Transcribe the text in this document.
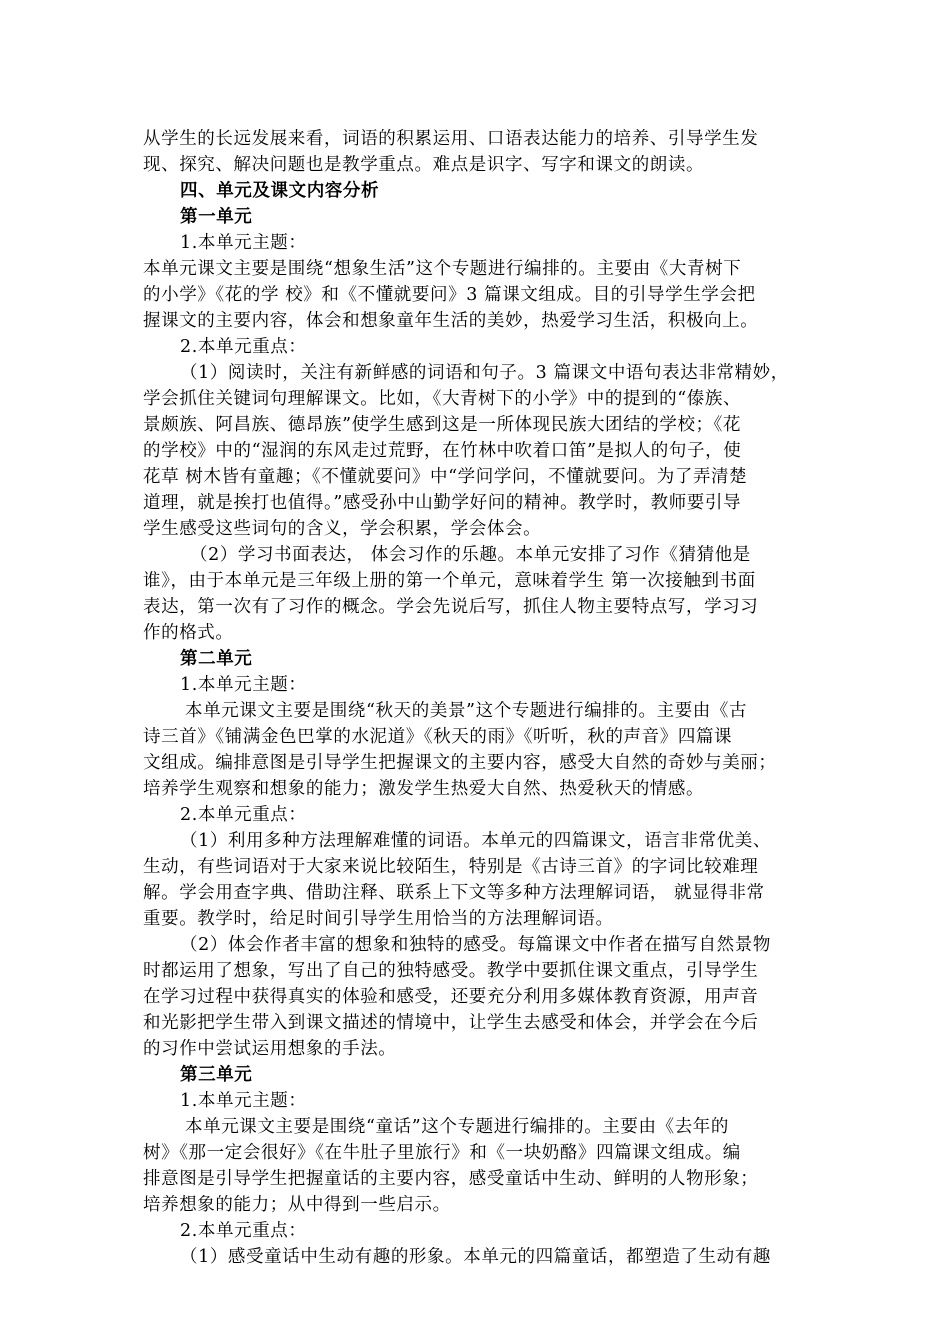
从学生的长远发展来看，词语的积累运用、口语表达能力的培养、引导学生发
现、探究、解决问题也是教学重点。难点是识字、写字和课文的朗读。
四、单元及课文内容分析
第一单元
1.本单元主题：
本单元课文主要是围绕“想象生活”这个专题进行编排的。主要由《大青树下
的小学》《花的学 校》和《不懂就要问》3 篇课文组成。目的引导学生学会把
握课文的主要内容，体会和想象童年生活的美妙，热爱学习生活，积极向上。
2.本单元重点：
（1）阅读时，关注有新鲜感的词语和句子。3 篇课文中语句表达非常精妙，
学会抓住关键词句理解课文。比如，《大青树下的小学》中的提到的“傣族、
景颇族、阿昌族、德昂族”使学生感到这是一所体现民族大团结的学校；《花
的学校》中的“湿润的东风走过荒野，在竹林中吹着口笛”是拟人的句子，使
花草 树木皆有童趣；《不懂就要问》中“学问学问，不懂就要问。为了弄清楚
道理，就是挨打也值得。”感受孙中山勤学好问的精神。教学时，教师要引导
学生感受这些词句的含义，学会积累，学会体会。
（2）学习书面表达， 体会习作的乐趣。本单元安排了习作《猜猜他是
谁》，由于本单元是三年级上册的第一个单元，意味着学生 第一次接触到书面
表达，第一次有了习作的概念。学会先说后写，抓住人物主要特点写，学习习
作的格式。
第二单元
1.本单元主题：
本单元课文主要是围绕“秋天的美景”这个专题进行编排的。主要由《古
诗三首》《铺满金色巴掌的水泥道》《秋天的雨》《听听，秋的声音》四篇课
文组成。编排意图是引导学生把握课文的主要内容，感受大自然的奇妙与美丽；
培养学生观察和想象的能力；激发学生热爱大自然、热爱秋天的情感。
2.本单元重点：
（1）利用多种方法理解难懂的词语。本单元的四篇课文，语言非常优美、
生动，有些词语对于大家来说比较陌生，特别是《古诗三首》的字词比较难理
解。学会用查字典、借助注释、联系上下文等多种方法理解词语， 就显得非常
重要。教学时，给足时间引导学生用恰当的方法理解词语。
（2）体会作者丰富的想象和独特的感受。每篇课文中作者在描写自然景物
时都运用了想象，写出了自己的独特感受。教学中要抓住课文重点，引导学生
在学习过程中获得真实的体验和感受，还要充分利用多媒体教育资源，用声音
和光影把学生带入到课文描述的情境中，让学生去感受和体会，并学会在今后
的习作中尝试运用想象的手法。
第三单元
1.本单元主题：
本单元课文主要是围绕“童话”这个专题进行编排的。主要由《去年的
树》《那一定会很好》《在牛肚子里旅行》和《一块奶酪》四篇课文组成。编
排意图是引导学生把握童话的主要内容，感受童话中生动、鲜明的人物形象；
培养想象的能力；从中得到一些启示。
2.本单元重点：
（1）感受童话中生动有趣的形象。本单元的四篇童话，都塑造了生动有趣
